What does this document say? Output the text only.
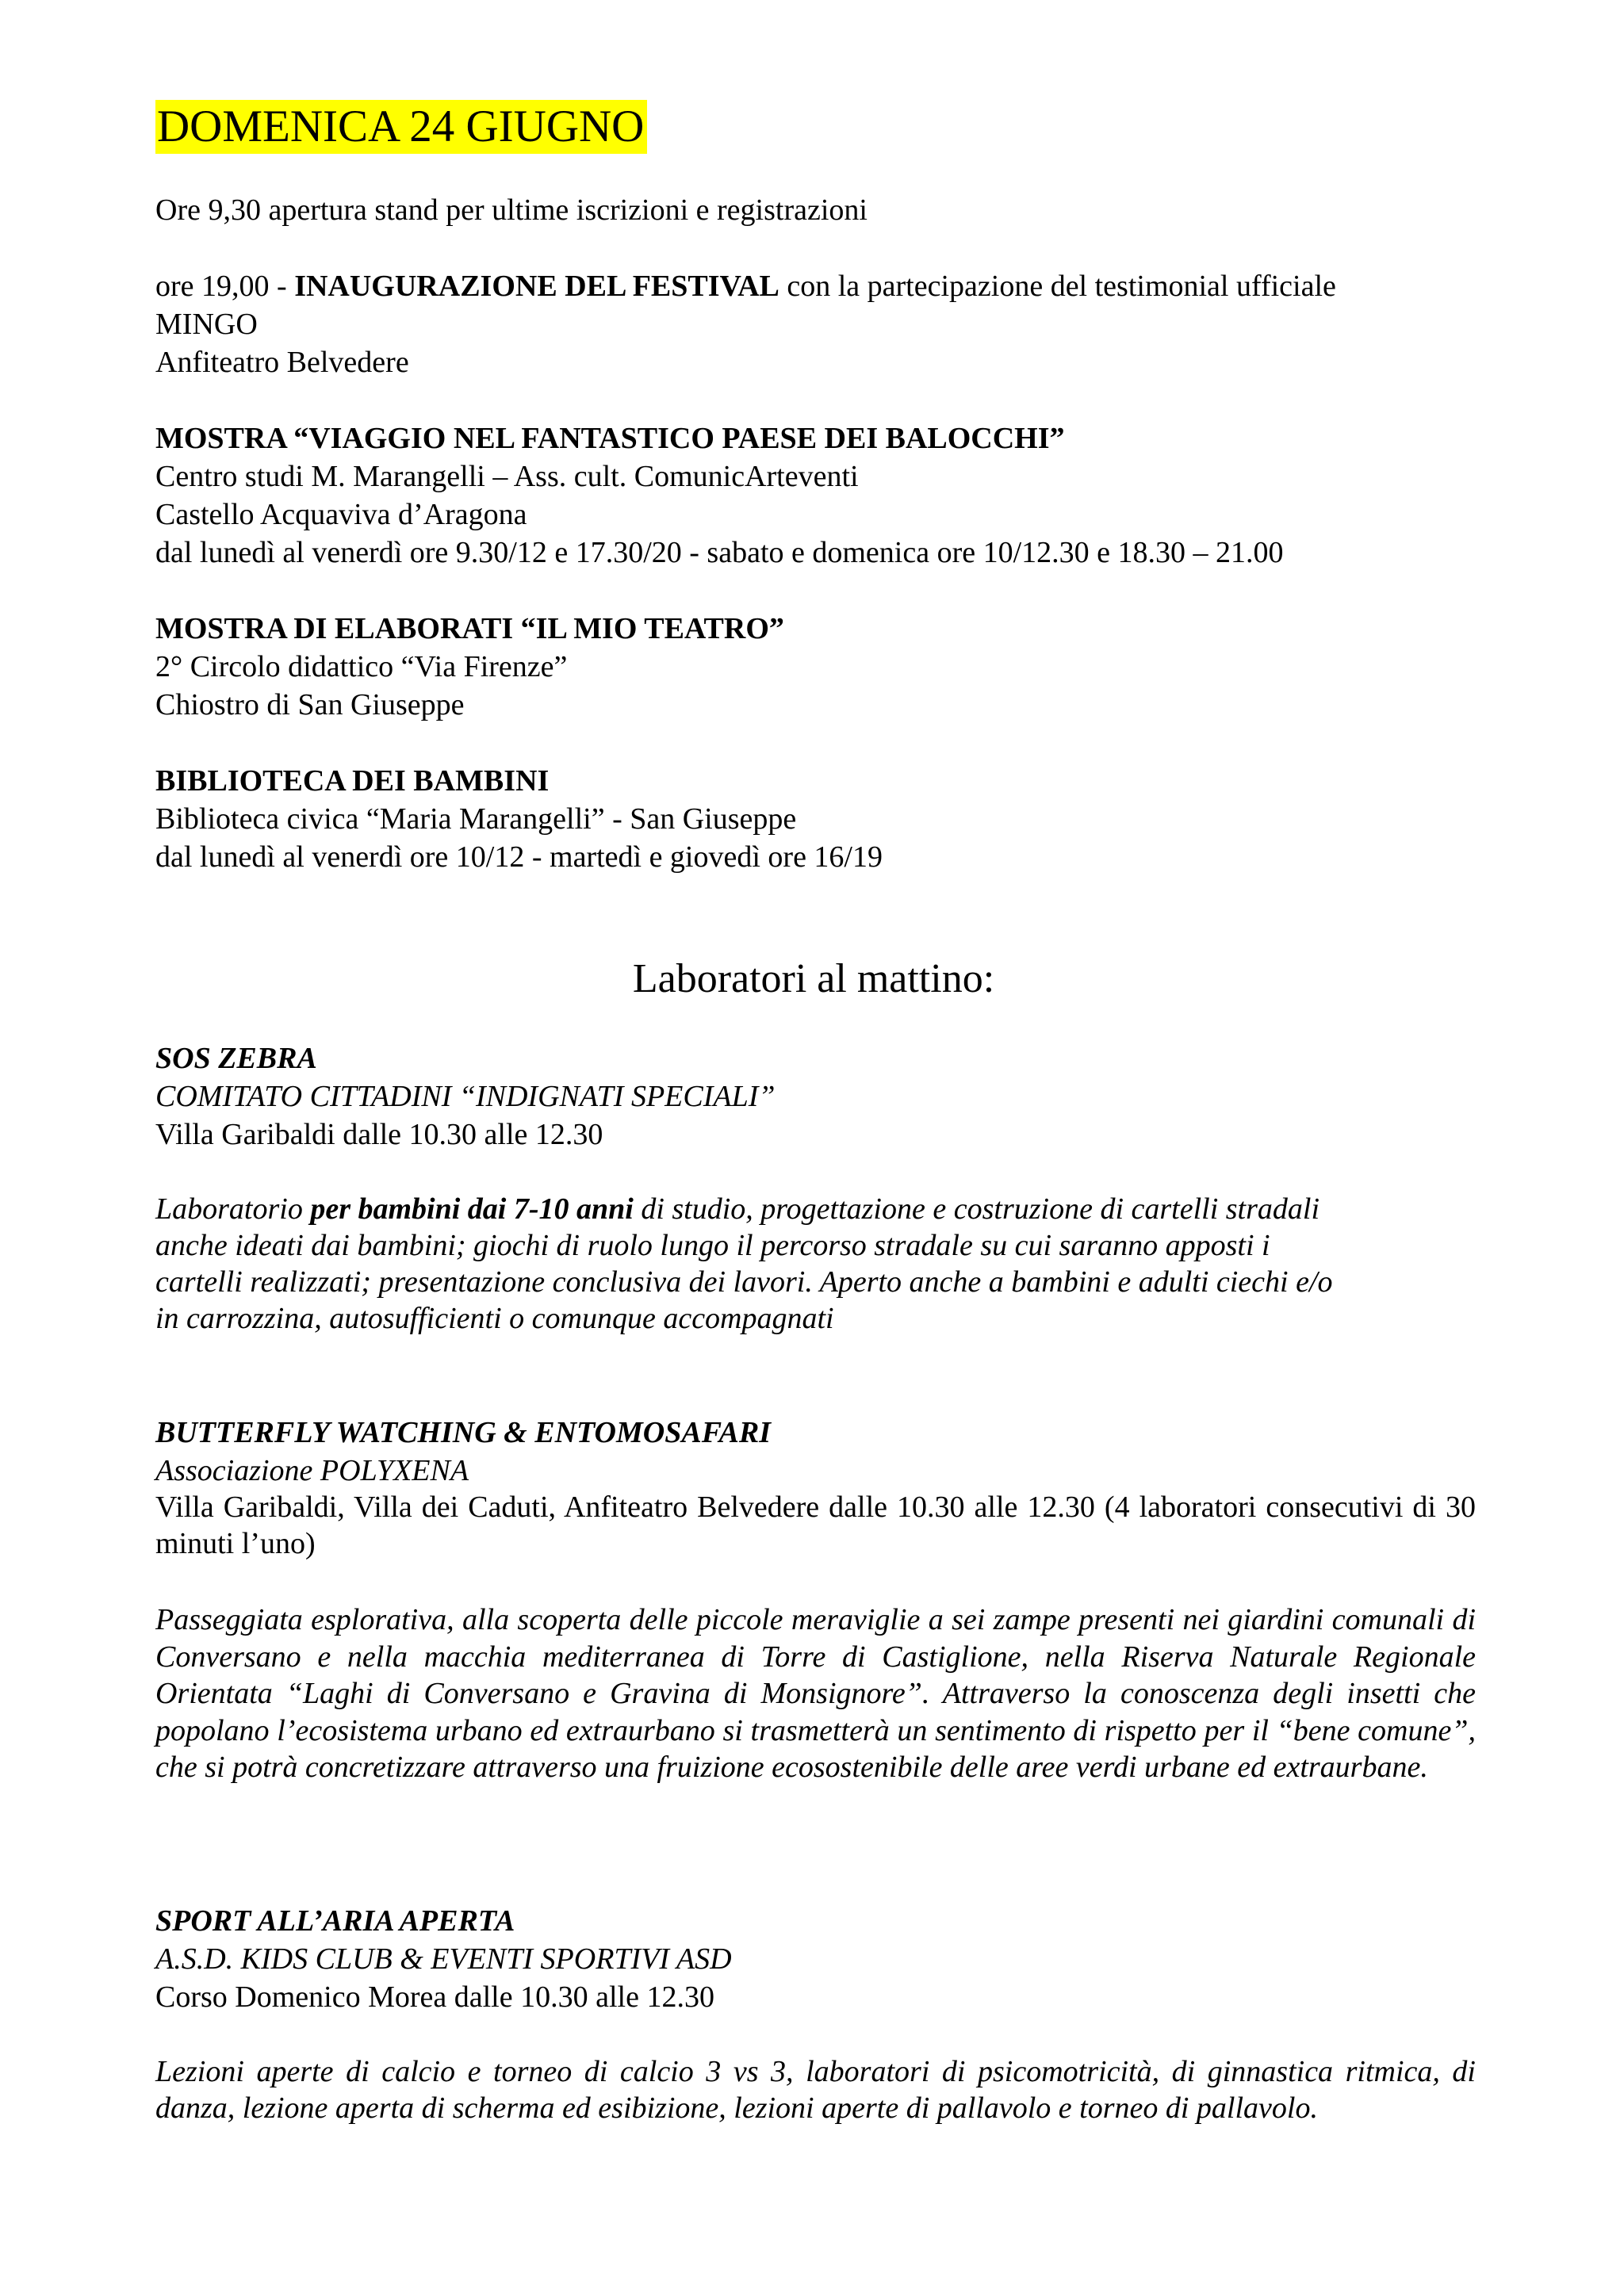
DOMENICA 24 GIUGNO
Ore 9,30 apertura stand per ultime iscrizioni e registrazioni
ore 19,00 - INAUGURAZIONE DEL FESTIVAL con la partecipazione del testimonial ufficiale
MINGO
Anfiteatro Belvedere
MOSTRA “VIAGGIO NEL FANTASTICO PAESE DEI BALOCCHI”
Centro studi M. Marangelli – Ass. cult. ComunicArteventi
Castello Acquaviva d’Aragona
dal lunedì al venerdì ore 9.30/12 e 17.30/20 - sabato e domenica ore 10/12.30 e 18.30 – 21.00
MOSTRA DI ELABORATI “IL MIO TEATRO”
2° Circolo didattico “Via Firenze”
Chiostro di San Giuseppe
BIBLIOTECA DEI BAMBINI
Biblioteca civica “Maria Marangelli” - San Giuseppe
dal lunedì al venerdì ore 10/12 - martedì e giovedì ore 16/19
Laboratori al mattino:
SOS ZEBRA
COMITATO CITTADINI “INDIGNATI SPECIALI”
Villa Garibaldi dalle 10.30 alle 12.30
Laboratorio per bambini dai 7-10 anni di studio, progettazione e costruzione di cartelli stradali
anche ideati dai bambini; giochi di ruolo lungo il percorso stradale su cui saranno apposti i
cartelli realizzati; presentazione conclusiva dei lavori. Aperto anche a bambini e adulti ciechi e/o
in carrozzina, autosufficienti o comunque accompagnati
BUTTERFLY WATCHING & ENTOMOSAFARI
Associazione POLYXENA
Villa Garibaldi, Villa dei Caduti, Anfiteatro Belvedere dalle 10.30 alle 12.30 (4 laboratori consecutivi di 30 minuti l’uno)
Passeggiata esplorativa, alla scoperta delle piccole meraviglie a sei zampe presenti nei giardini comunali di Conversano e nella macchia mediterranea di Torre di Castiglione, nella Riserva Naturale Regionale Orientata “Laghi di Conversano e Gravina di Monsignore”. Attraverso la conoscenza degli insetti che popolano l’ecosistema urbano ed extraurbano si trasmetterà un sentimento di rispetto per il “bene comune”, che si potrà concretizzare attraverso una fruizione ecosostenibile delle aree verdi urbane ed extraurbane.
SPORT ALL’ARIA APERTA
A.S.D. KIDS CLUB & EVENTI SPORTIVI ASD
Corso Domenico Morea dalle 10.30 alle 12.30
Lezioni aperte di calcio e torneo di calcio 3 vs 3, laboratori di psicomotricità, di ginnastica ritmica, di danza, lezione aperta di scherma ed esibizione, lezioni aperte di pallavolo e torneo di pallavolo.
